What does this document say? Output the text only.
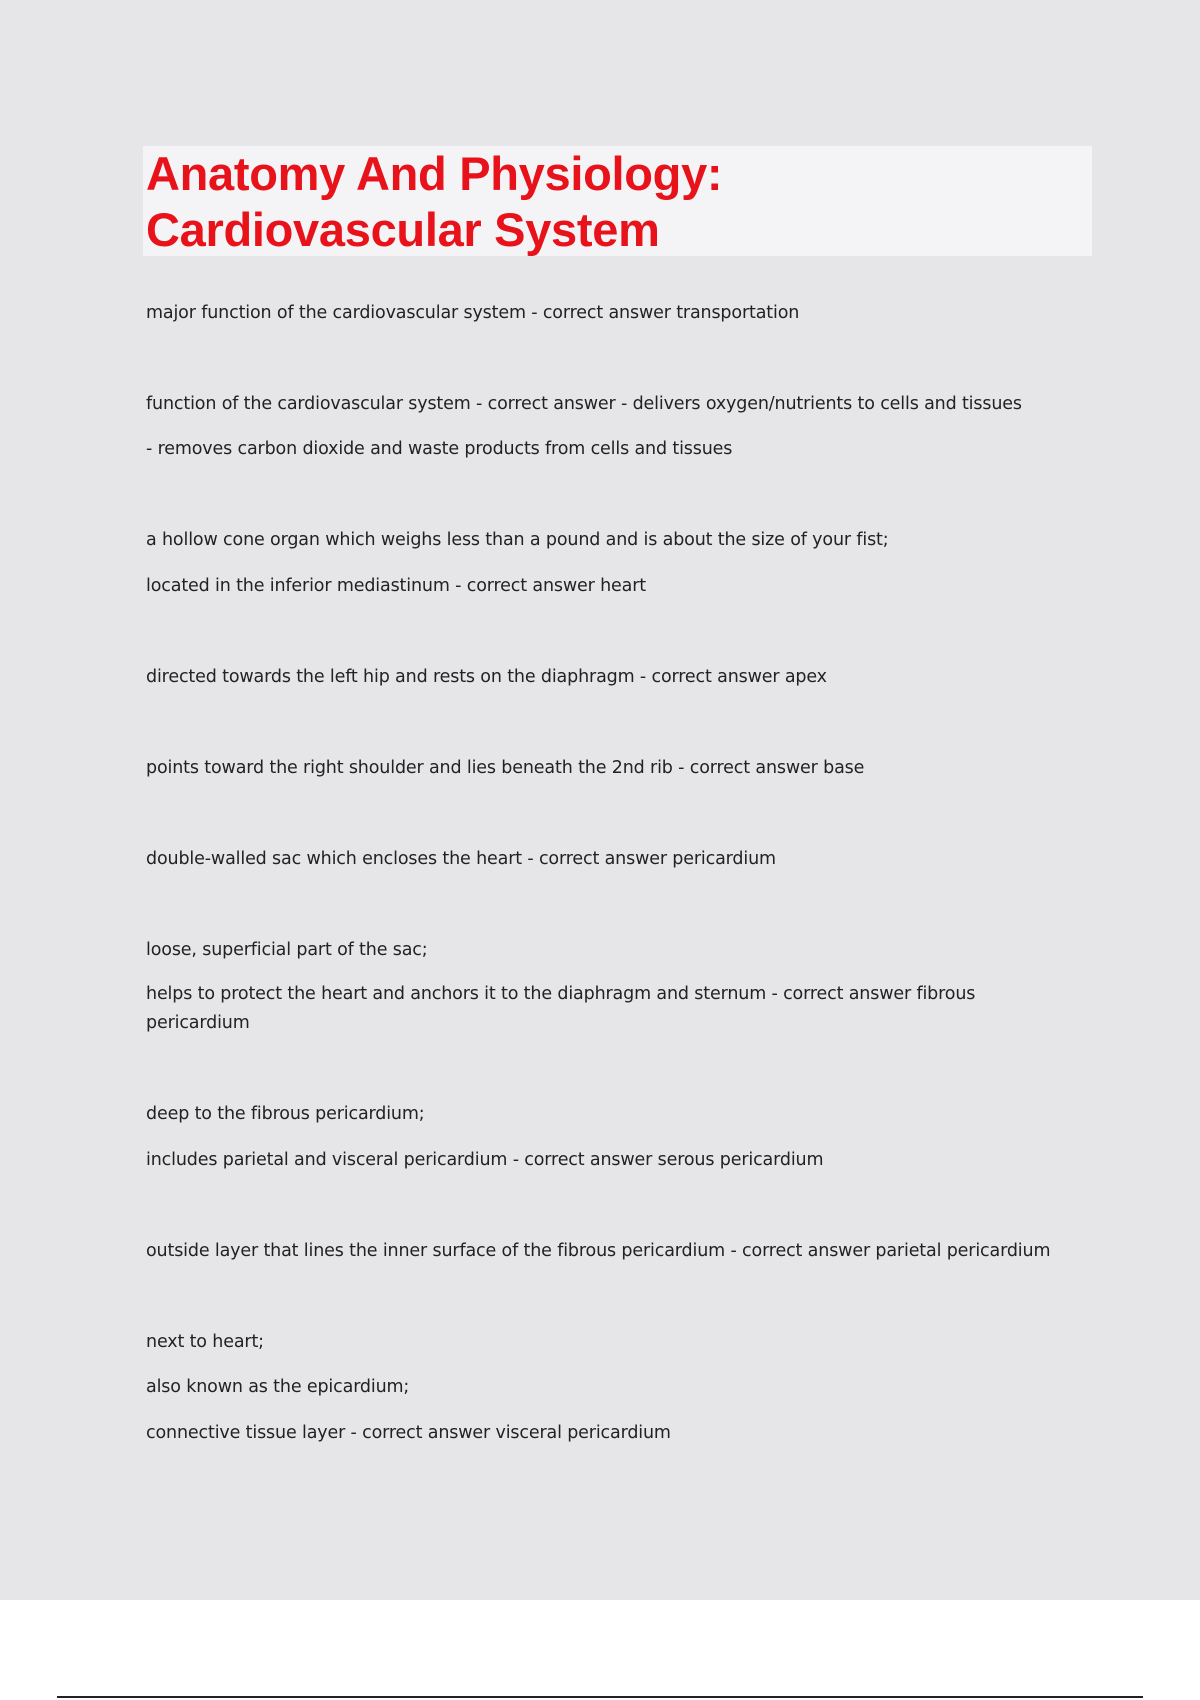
Anatomy And Physiology:
Cardiovascular System
major function of the cardiovascular system - correct answer transportation
function of the cardiovascular system - correct answer - delivers oxygen/nutrients to cells and tissues
- removes carbon dioxide and waste products from cells and tissues
a hollow cone organ which weighs less than a pound and is about the size of your fist;
located in the inferior mediastinum - correct answer heart
directed towards the left hip and rests on the diaphragm - correct answer apex
points toward the right shoulder and lies beneath the 2nd rib - correct answer base
double-walled sac which encloses the heart - correct answer pericardium
loose, superficial part of the sac;
helps to protect the heart and anchors it to the diaphragm and sternum - correct answer fibrous
pericardium
deep to the fibrous pericardium;
includes parietal and visceral pericardium - correct answer serous pericardium
outside layer that lines the inner surface of the fibrous pericardium - correct answer parietal pericardium
next to heart;
also known as the epicardium;
connective tissue layer - correct answer visceral pericardium
